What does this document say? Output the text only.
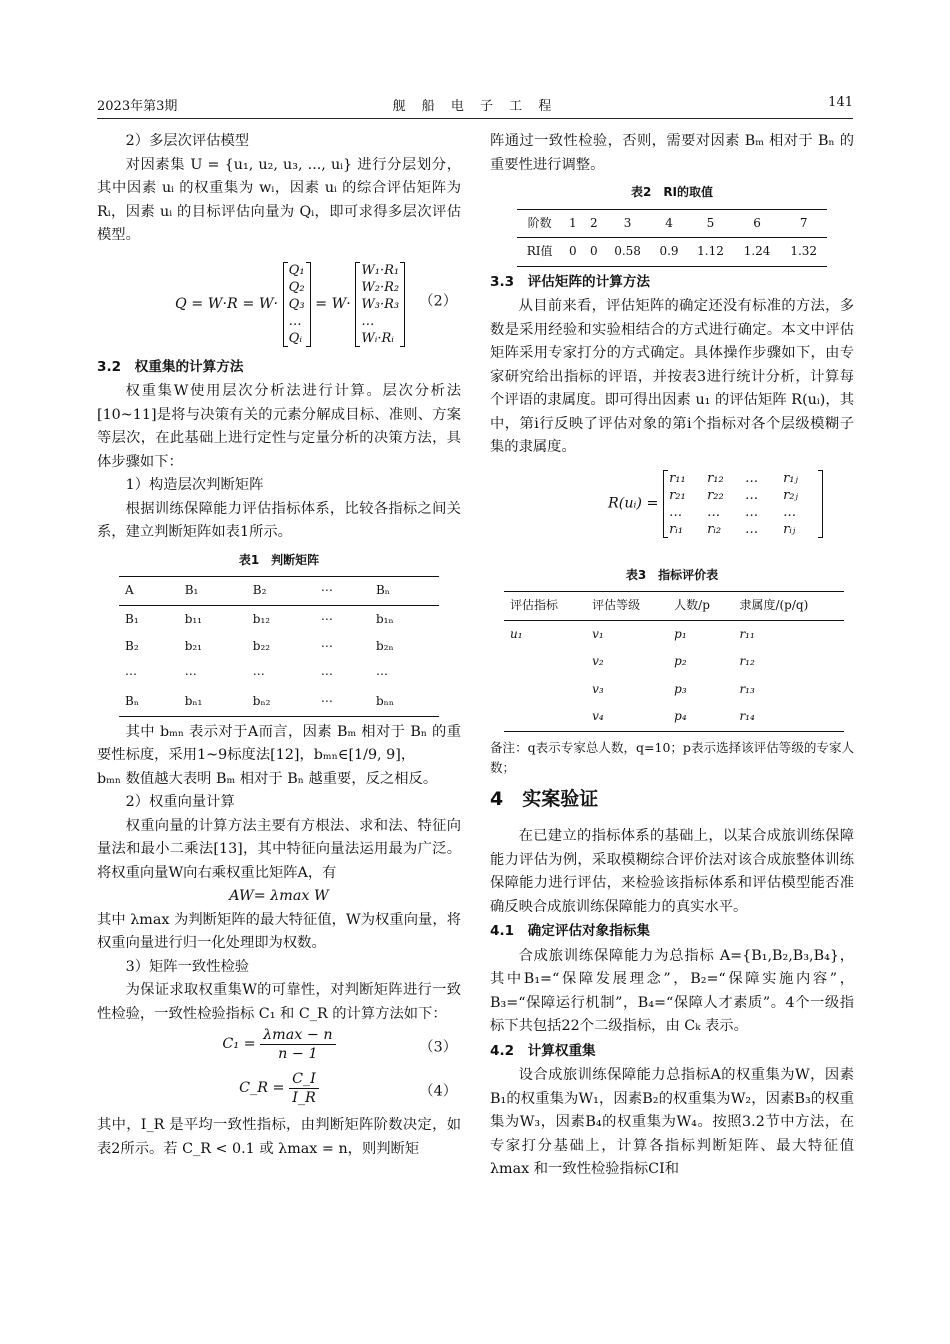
2023年第3期	舰 船 电 子 工 程	141

2）多层次评估模型

对因素集 U = {u₁, u₂, u₃, ..., uᵢ} 进行分层划分，其中因素 uᵢ 的权重集为 wᵢ，因素 uᵢ 的综合评估矩阵为 Rᵢ，因素 uᵢ 的目标评估向量为 Qᵢ，即可求得多层次评估模型。

Q = W·R = W·
Q₁
Q₂
Q₃
…
Qᵢ
= W·
W₁·R₁
W₂·R₂
W₃·R₃
…
Wᵢ·Rᵢ
（2）
3.2　权重集的计算方法

权重集W使用层次分析法进行计算。层次分析法[10~11]是将与决策有关的元素分解成目标、准则、方案等层次，在此基础上进行定性与定量分析的决策方法，具体步骤如下：

1）构造层次判断矩阵

根据训练保障能力评估指标体系，比较各指标之间关系，建立判断矩阵如表1所示。

表1　判断矩阵
A	B₁	B₂	⋯	Bₙ
B₁	b₁₁	b₁₂	⋯	b₁ₙ
B₂	b₂₁	b₂₂	⋯	b₂ₙ
⋯	⋯	⋯	⋯	⋯
Bₙ	bₙ₁	bₙ₂	⋯	bₙₙ

其中 bₘₙ 表示对于A而言，因素 Bₘ 相对于 Bₙ 的重要性标度，采用1~9标度法[12]，bₘₙ∈[1/9, 9]，

bₘₙ 数值越大表明 Bₘ 相对于 Bₙ 越重要，反之相反。

2）权重向量计算

权重向量的计算方法主要有方根法、求和法、特征向量法和最小二乘法[13]，其中特征向量法运用最为广泛。将权重向量W向右乘权重比矩阵A，有

AW= λmax W

其中 λmax 为判断矩阵的最大特征值，W为权重向量，将权重向量进行归一化处理即为权数。

3）矩阵一致性检验

为保证求取权重集W的可靠性，对判断矩阵进行一致性检验，一致性检验指标 C₁ 和 C_R 的计算方法如下：

$C_1 = \frac{\lambda\max - n}{n - 1}$	（3）
C_R = $\frac{C\_I}{I\_R}$	（4）

其中，I_R 是平均一致性指标，由判断矩阵阶数决定，如表2所示。若 C_R < 0.1 或 λmax = n，则判断矩

阵通过一致性检验，否则，需要对因素 Bₘ 相对于 Bₙ 的重要性进行调整。

表2　RI的取值
阶数	1	2	3	4	5	6	7
RI值	0	0	0.58	0.9	1.12	1.24	1.32
3.3　评估矩阵的计算方法

从目前来看，评估矩阵的确定还没有标准的方法，多数是采用经验和实验相结合的方式进行确定。本文中评估矩阵采用专家打分的方式确定。具体操作步骤如下，由专家研究给出指标的评语，并按表3进行统计分析，计算每个评语的隶属度。即可得出因素 u₁ 的评估矩阵 R(uᵢ)，其中，第i行反映了评估对象的第i个指标对各个层级模糊子集的隶属度。

R(uᵢ) =
r₁₁	r₁₂	…	r₁ⱼ
r₂₁	r₂₂	…	r₂ⱼ
…	…	…	…
rᵢ₁	rᵢ₂	…	rᵢⱼ
表3　指标评价表
评估指标	评估等级	人数/p	隶属度/(p/q)
u₁	v₁	p₁	r₁₁
	v₂	p₂	r₁₂
	v₃	p₃	r₁₃
	v₄	p₄	r₁₄

备注：q表示专家总人数，q=10；p表示选择该评估等级的专家人数；

4　实案验证

在已建立的指标体系的基础上，以某合成旅训练保障能力评估为例，采取模糊综合评价法对该合成旅整体训练保障能力进行评估，来检验该指标体系和评估模型能否准确反映合成旅训练保障能力的真实水平。

4.1　确定评估对象指标集

合成旅训练保障能力为总指标 A={B₁,B₂,B₃,B₄}，其中B₁=“保障发展理念”，B₂=“保障实施内容”，B₃=“保障运行机制”，B₄=“保障人才素质”。4个一级指标下共包括22个二级指标，由 Cₖ 表示。

4.2　计算权重集

设合成旅训练保障能力总指标A的权重集为W，因素B₁的权重集为W₁，因素B₂的权重集为W₂，因素B₃的权重集为W₃，因素B₄的权重集为W₄。按照3.2节中方法，在专家打分基础上，计算各指标判断矩阵、最大特征值 λmax 和一致性检验指标CI和
